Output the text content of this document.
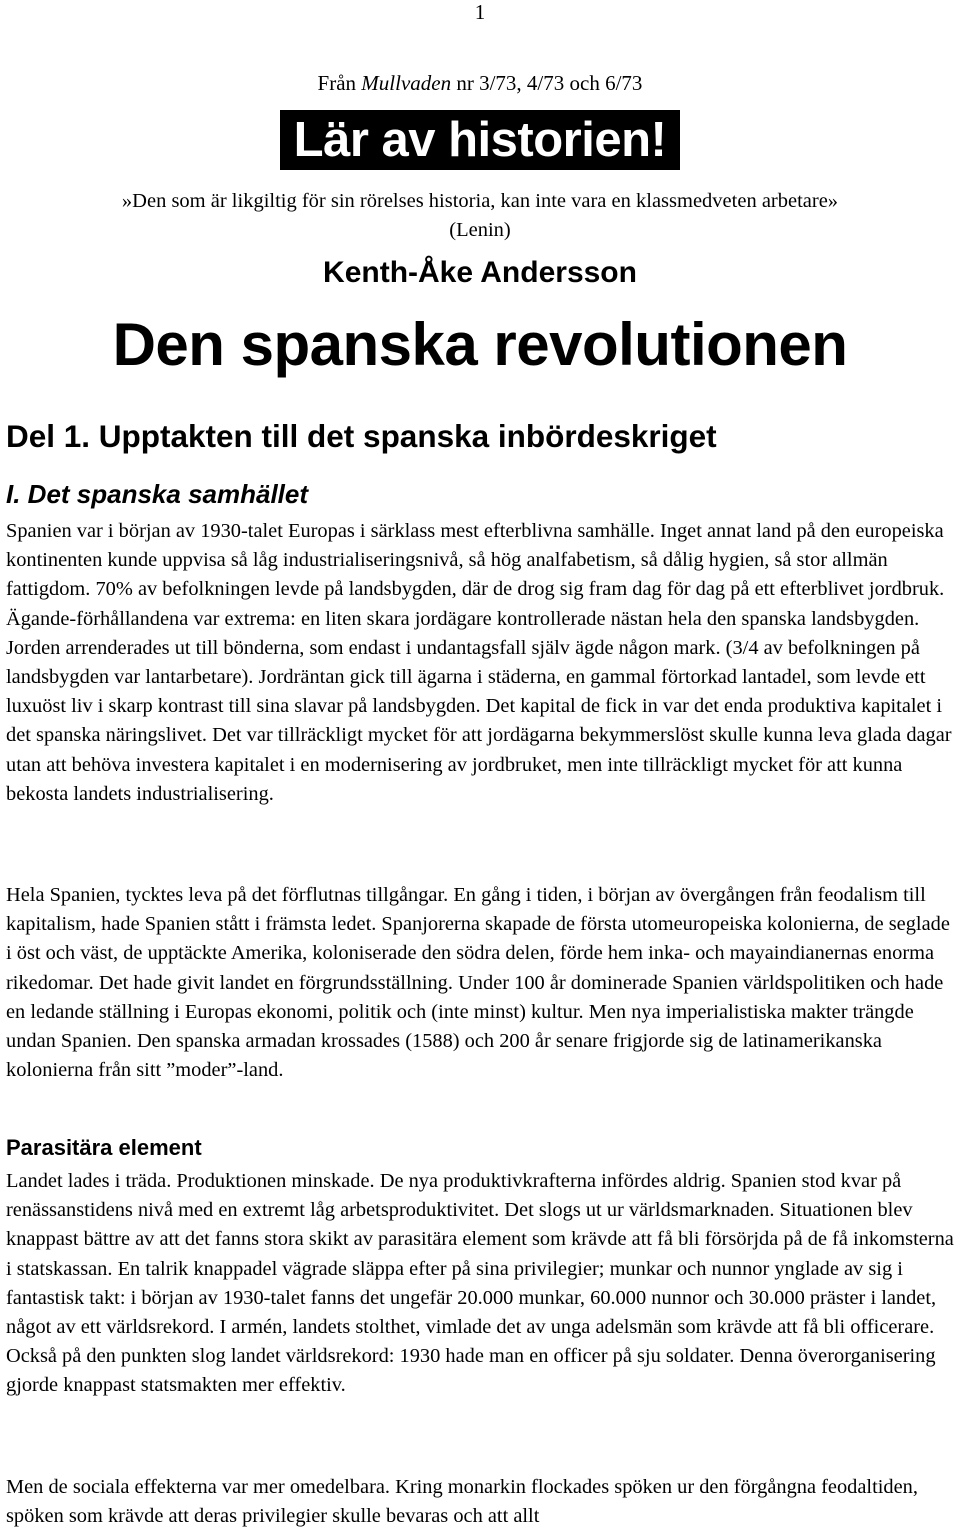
1
Från Mullvaden nr 3/73, 4/73 och 6/73
Lär av historien!
»Den som är likgiltig för sin rörelses historia, kan inte vara en klassmedveten arbetare»
(Lenin)
Kenth-Åke Andersson
Den spanska revolutionen
Del 1. Upptakten till det spanska inbördeskriget
I. Det spanska samhället

Spanien var i början av 1930-talet Europas i särklass mest efterblivna samhälle. Inget annat land på den europeiska kontinenten kunde uppvisa så låg industrialiseringsnivå, så hög analfabetism, så dålig hygien, så stor allmän fattigdom. 70% av befolkningen levde på landsbygden, där de drog sig fram dag för dag på ett efterblivet jordbruk. Ägande-förhållandena var extrema: en liten skara jordägare kontrollerade nästan hela den spanska landsbygden. Jorden arrenderades ut till bönderna, som endast i undantagsfall själv ägde någon mark. (3/4 av befolkningen på landsbygden var lantarbetare). Jordräntan gick till ägarna i städerna, en gammal förtorkad lantadel, som levde ett luxuöst liv i skarp kontrast till sina slavar på landsbygden. Det kapital de fick in var det enda produktiva kapitalet i det spanska näringslivet. Det var tillräckligt mycket för att jordägarna bekymmerslöst skulle kunna leva glada dagar utan att behöva investera kapitalet i en modernisering av jordbruket, men inte tillräckligt mycket för att kunna bekosta landets industrialisering.

Hela Spanien, tycktes leva på det förflutnas tillgångar. En gång i tiden, i början av övergången från feodalism till kapitalism, hade Spanien stått i främsta ledet. Spanjorerna skapade de första utomeuropeiska kolonierna, de seglade i öst och väst, de upptäckte Amerika, koloniserade den södra delen, förde hem inka- och mayaindianernas enorma rikedomar. Det hade givit landet en förgrundsställning. Under 100 år dominerade Spanien världspolitiken och hade en ledande ställning i Europas ekonomi, politik och (inte minst) kultur. Men nya imperialistiska makter trängde undan Spanien. Den spanska armadan krossades (1588) och 200 år senare frigjorde sig de latinamerikanska kolonierna från sitt ”moder”-land.

Parasitära element

Landet lades i träda. Produktionen minskade. De nya produktivkrafterna infördes aldrig. Spanien stod kvar på renässanstidens nivå med en extremt låg arbetsproduktivitet. Det slogs ut ur världsmarknaden. Situationen blev knappast bättre av att det fanns stora skikt av parasitära element som krävde att få bli försörjda på de få inkomsterna i statskassan. En talrik knappadel vägrade släppa efter på sina privilegier; munkar och nunnor ynglade av sig i fantastisk takt: i början av 1930-talet fanns det ungefär 20.000 munkar, 60.000 nunnor och 30.000 präster i landet, något av ett världsrekord. I armén, landets stolthet, vimlade det av unga adelsmän som krävde att få bli officerare. Också på den punkten slog landet världsrekord: 1930 hade man en officer på sju soldater. Denna överorganisering gjorde knappast statsmakten mer effektiv.

Men de sociala effekterna var mer omedelbara. Kring monarkin flockades spöken ur den förgångna feodaltiden, spöken som krävde att deras privilegier skulle bevaras och att allt
